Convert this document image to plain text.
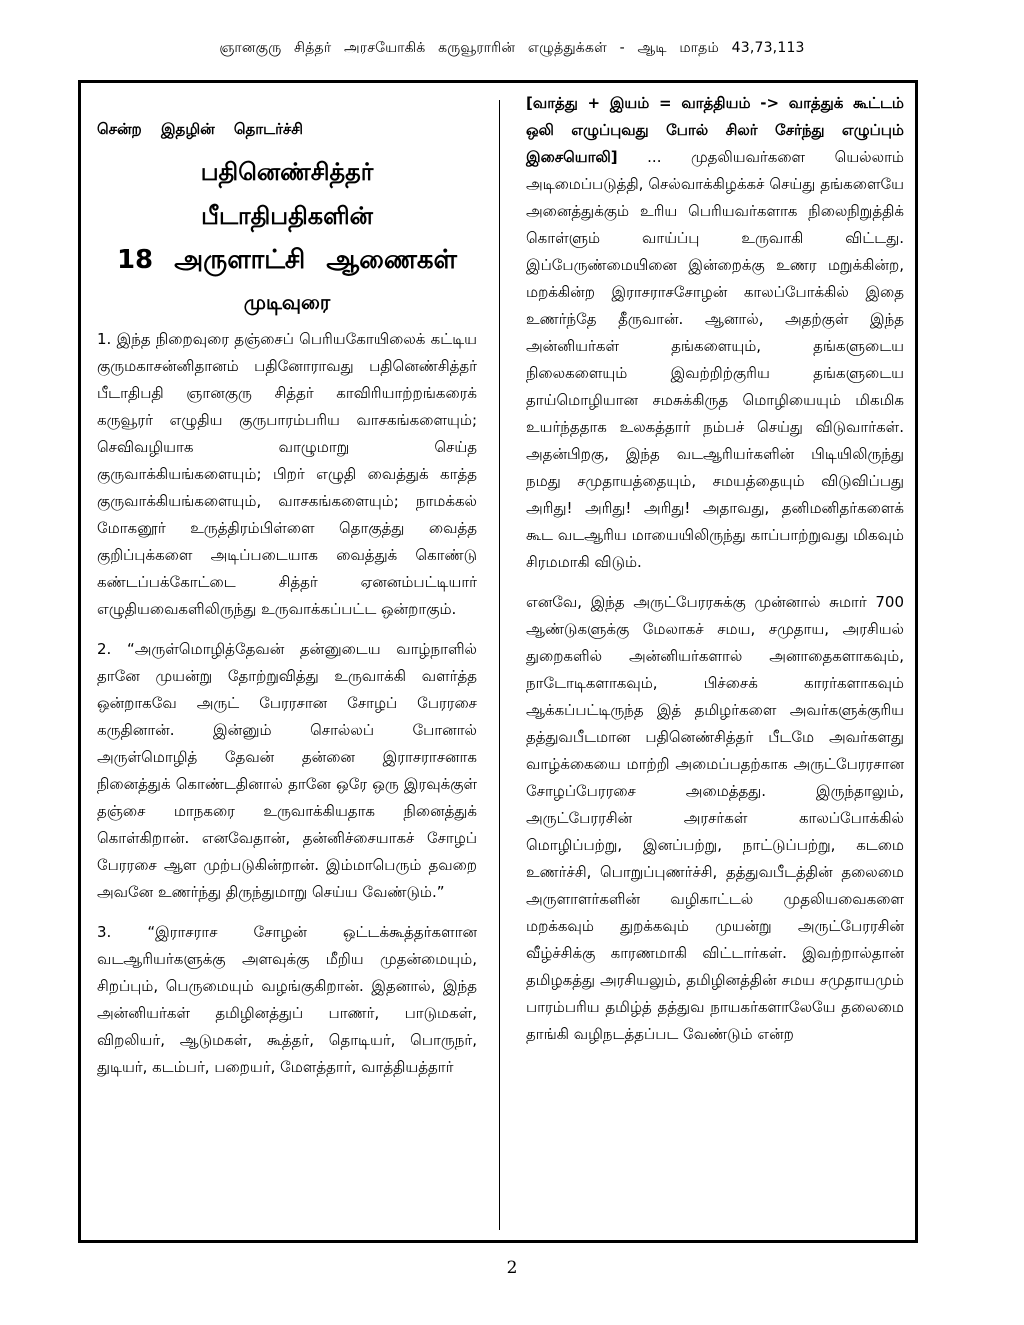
ஞானகுரு சித்தர் அரசயோகிக் கருவூராரின் எழுத்துக்கள் - ஆடி மாதம் 43,73,113
சென்ற இதழின் தொடர்ச்சி
பதினெண்சித்தர்
பீடாதிபதிகளின்
18 அருளாட்சி ஆணைகள்
முடிவுரை

1. இந்த நிறைவுரை தஞ்சைப் பெரியகோயிலைக் கட்டிய குருமகாசன்னிதானம் பதினோராவது பதினெண்சித்தர் பீடாதிபதி ஞானகுரு சித்தர் காவிரியாற்றங்கரைக் கருவூரர் எழுதிய குருபாரம்பரிய வாசகங்களையும்; செவிவழியாக வாழுமாறு செய்த குருவாக்கியங்களையும்; பிறர் எழுதி வைத்துக் காத்த குருவாக்கியங்களையும், வாசகங்களையும்; நாமக்கல் மோகனூர் உருத்திரம்பிள்ளை தொகுத்து வைத்த குறிப்புக்களை அடிப்படையாக வைத்துக் கொண்டு கண்டப்பக்கோட்டை சித்தர் ஏனனம்பட்டியார் எழுதியவைகளிலிருந்து உருவாக்கப்பட்ட ஒன்றாகும்.

2. “அருள்மொழித்தேவன் தன்னுடைய வாழ்நாளில் தானே முயன்று தோற்றுவித்து உருவாக்கி வளர்த்த ஒன்றாகவே அருட் பேரரசான சோழப் பேரரசை கருதினான். இன்னும் சொல்லப் போனால் அருள்மொழித் தேவன் தன்னை இராசராசனாக நினைத்துக் கொண்டதினால் தானே ஒரே ஒரு இரவுக்குள் தஞ்சை மாநகரை உருவாக்கியதாக நினைத்துக் கொள்கிறான். எனவேதான், தன்னிச்சையாகச் சோழப் பேரரசை ஆள முற்படுகின்றான். இம்மாபெரும் தவறை அவனே உணர்ந்து திருந்துமாறு செய்ய வேண்டும்.”

3. “இராசராச சோழன் ஒட்டக்கூத்தர்களான வடஆரியர்களுக்கு அளவுக்கு மீறிய முதன்மையும், சிறப்பும், பெருமையும் வழங்குகிறான். இதனால், இந்த அன்னியர்கள் தமிழினத்துப் பாணர், பாடுமகள், விறலியர், ஆடுமகள், கூத்தர், தொடியர், பொருநர், துடியர், கடம்பர், பறையர், மேளத்தார், வாத்தியத்தார்

[வாத்து + இயம் = வாத்தியம் -> வாத்துக் கூட்டம் ஒலி எழுப்புவது போல் சிலர் சேர்ந்து எழுப்பும் இசையொலி] ... முதலியவர்களை யெல்லாம் அடிமைப்படுத்தி, செல்வாக்கிழக்கச் செய்து தங்களையே அனைத்துக்கும் உரிய பெரியவர்களாக நிலைநிறுத்திக் கொள்ளும் வாய்ப்பு உருவாகி விட்டது. இப்பேருண்மையினை இன்றைக்கு உணர மறுக்கின்ற, மறக்கின்ற இராசராசசோழன் காலப்போக்கில் இதை உணர்ந்தே தீருவான். ஆனால், அதற்குள் இந்த அன்னியர்கள் தங்களையும், தங்களுடைய நிலைகளையும் இவற்றிற்குரிய தங்களுடைய தாய்மொழியான சமசுக்கிருத மொழியையும் மிகமிக உயர்ந்ததாக உலகத்தார் நம்பச் செய்து விடுவார்கள். அதன்பிறகு, இந்த வடஆரியர்களின் பிடியிலிருந்து நமது சமுதாயத்தையும், சமயத்தையும் விடுவிப்பது அரிது! அரிது! அரிது! அதாவது, தனிமனிதர்களைக் கூட வடஆரிய மாயையிலிருந்து காப்பாற்றுவது மிகவும் சிரமமாகி விடும்.

எனவே, இந்த அருட்பேரரசுக்கு முன்னால் சுமார் 700 ஆண்டுகளுக்கு மேலாகச் சமய, சமுதாய, அரசியல் துறைகளில் அன்னியர்களால் அனாதைகளாகவும், நாடோடிகளாகவும், பிச்சைக் காரர்களாகவும் ஆக்கப்பட்டிருந்த இத் தமிழர்களை அவர்களுக்குரிய தத்துவபீடமான பதினெண்சித்தர் பீடமே அவர்களது வாழ்க்கையை மாற்றி அமைப்பதற்காக அருட்பேரரசான சோழப்பேரரசை அமைத்தது. இருந்தாலும், அருட்பேரரசின் அரசர்கள் காலப்போக்கில் மொழிப்பற்று, இனப்பற்று, நாட்டுப்பற்று, கடமை உணர்ச்சி, பொறுப்புணர்ச்சி, தத்துவபீடத்தின் தலைமை அருளாளர்களின் வழிகாட்டல் முதலியவைகளை மறக்கவும் துறக்கவும் முயன்று அருட்பேரரசின் வீழ்ச்சிக்கு காரணமாகி விட்டார்கள். இவற்றால்தான் தமிழகத்து அரசியலும், தமிழினத்தின் சமய சமுதாயமும் பாரம்பரிய தமிழ்த் தத்துவ நாயகர்களாலேயே தலைமை தாங்கி வழிநடத்தப்பட வேண்டும் என்ற

2
